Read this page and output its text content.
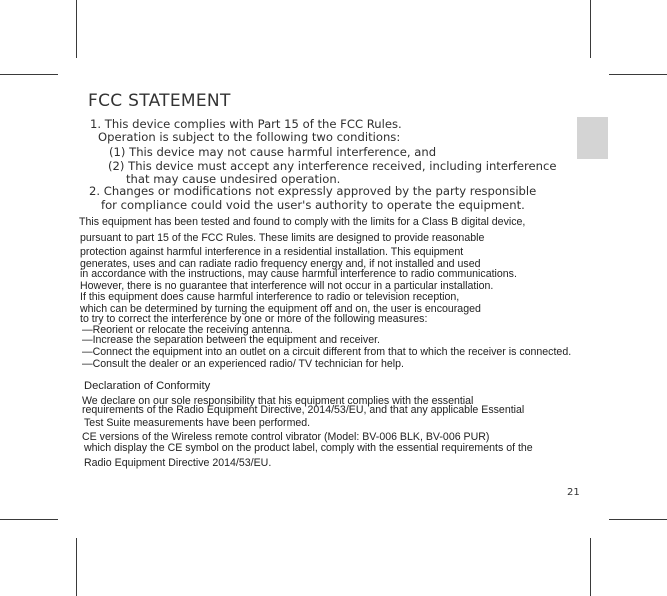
FCC STATEMENT
1. This device complies with Part 15 of the FCC Rules.
Operation is subject to the following two conditions:
(1) This device may not cause harmful interference, and
(2) This device must accept any interference received, including interference
that may cause undesired operation.
2. Changes or modifications not expressly approved by the party responsible
for compliance could void the user's authority to operate the equipment.
This equipment has been tested and found to comply with the limits for a Class B digital device,
pursuant to part 15 of the FCC Rules. These limits are designed to provide reasonable
protection against harmful interference in a residential installation. This equipment
generates, uses and can radiate radio frequency energy and, if not installed and used
in accordance with the instructions, may cause harmful interference to radio communications.
However, there is no guarantee that interference will not occur in a particular installation.
If this equipment does cause harmful interference to radio or television reception,
which can be determined by turning the equipment off and on, the user is encouraged
to try to correct the interference by one or more of the following measures:
—Reorient or relocate the receiving antenna.
—Increase the separation between the equipment and receiver.
—Connect the equipment into an outlet on a circuit different from that to which the receiver is connected.
—Consult the dealer or an experienced radio/ TV technician for help.
Declaration of Conformity
We declare on our sole responsibility that his equipment complies with the essential
requirements of the Radio Equipment Directive, 2014/53/EU, and that any applicable Essential
Test Suite measurements have been performed.
CE versions of the Wireless remote control vibrator (Model: BV-006 BLK, BV-006 PUR)
which display the CE symbol on the product label, comply with the essential requirements of the
Radio Equipment Directive 2014/53/EU.
21
